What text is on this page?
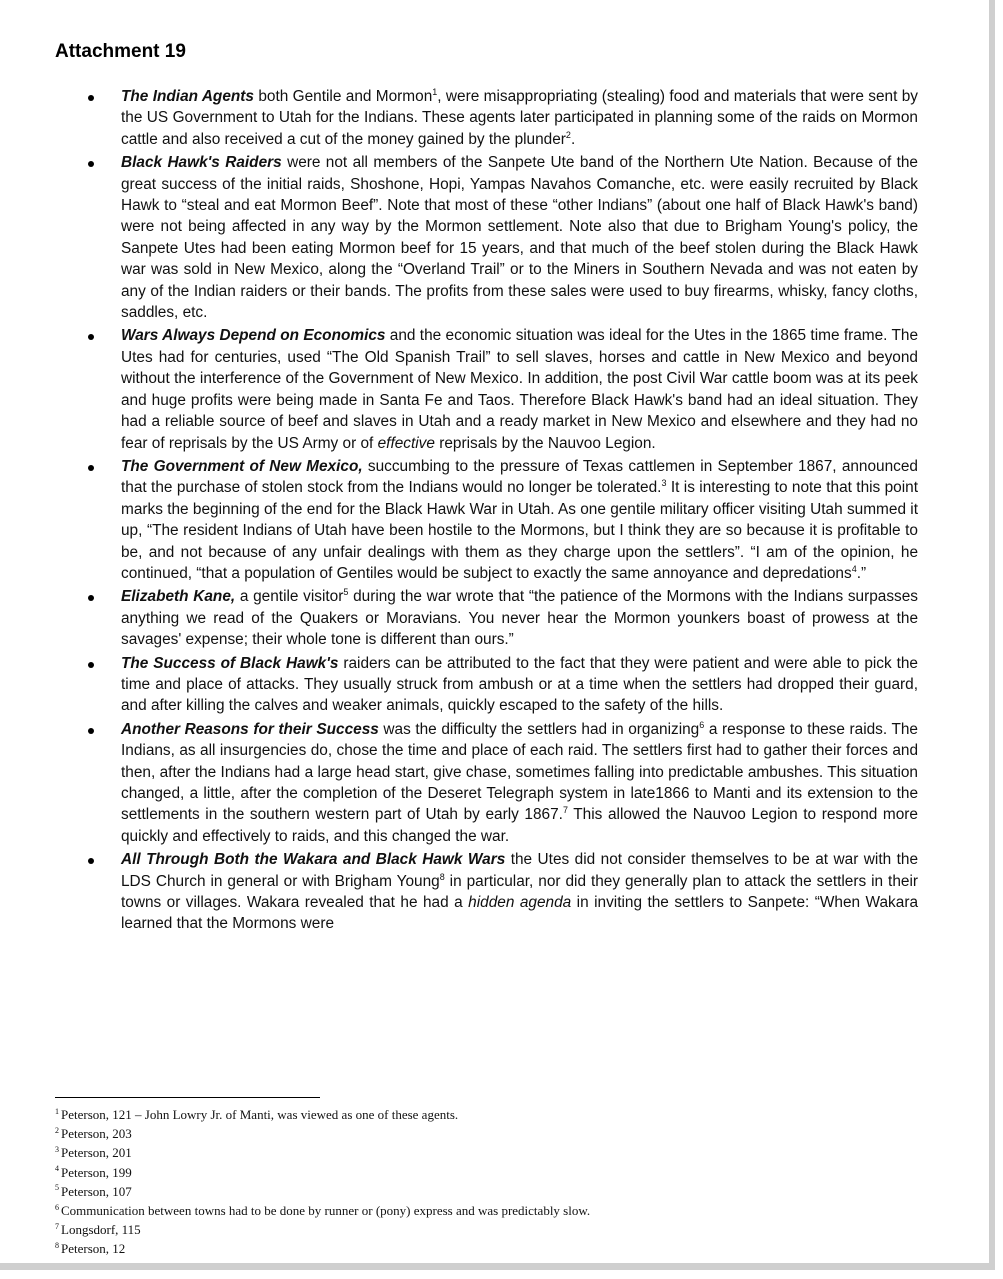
Attachment 19
The Indian Agents both Gentile and Mormon$^1$, were misappropriating (stealing) food and materials that were sent by the US Government to Utah for the Indians. These agents later participated in planning some of the raids on Mormon cattle and also received a cut of the money gained by the plunder$^2$.
Black Hawk's Raiders were not all members of the Sanpete Ute band of the Northern Ute Nation. Because of the great success of the initial raids, Shoshone, Hopi, Yampas Navahos Comanche, etc. were easily recruited by Black Hawk to “steal and eat Mormon Beef”. Note that most of these “other Indians” (about one half of Black Hawk's band) were not being affected in any way by the Mormon settlement. Note also that due to Brigham Young's policy, the Sanpete Utes had been eating Mormon beef for 15 years, and that much of the beef stolen during the Black Hawk war was sold in New Mexico, along the “Overland Trail” or to the Miners in Southern Nevada and was not eaten by any of the Indian raiders or their bands. The profits from these sales were used to buy firearms, whisky, fancy cloths, saddles, etc.
Wars Always Depend on Economics and the economic situation was ideal for the Utes in the 1865 time frame. The Utes had for centuries, used “The Old Spanish Trail” to sell slaves, horses and cattle in New Mexico and beyond without the interference of the Government of New Mexico. In addition, the post Civil War cattle boom was at its peek and huge profits were being made in Santa Fe and Taos. Therefore Black Hawk's band had an ideal situation. They had a reliable source of beef and slaves in Utah and a ready market in New Mexico and elsewhere and they had no fear of reprisals by the US Army or of effective reprisals by the Nauvoo Legion.
The Government of New Mexico, succumbing to the pressure of Texas cattlemen in September 1867, announced that the purchase of stolen stock from the Indians would no longer be tolerated.$^3$ It is interesting to note that this point marks the beginning of the end for the Black Hawk War in Utah. As one gentile military officer visiting Utah summed it up, “The resident Indians of Utah have been hostile to the Mormons, but I think they are so because it is profitable to be, and not because of any unfair dealings with them as they charge upon the settlers”. “I am of the opinion, he continued, “that a population of Gentiles would be subject to exactly the same annoyance and depredations$^4$.”
Elizabeth Kane, a gentile visitor$^5$ during the war wrote that “the patience of the Mormons with the Indians surpasses anything we read of the Quakers or Moravians. You never hear the Mormon younkers boast of prowess at the savages' expense; their whole tone is different than ours.”
The Success of Black Hawk's raiders can be attributed to the fact that they were patient and were able to pick the time and place of attacks. They usually struck from ambush or at a time when the settlers had dropped their guard, and after killing the calves and weaker animals, quickly escaped to the safety of the hills.
Another Reasons for their Success was the difficulty the settlers had in organizing$^6$ a response to these raids. The Indians, as all insurgencies do, chose the time and place of each raid. The settlers first had to gather their forces and then, after the Indians had a large head start, give chase, sometimes falling into predictable ambushes. This situation changed, a little, after the completion of the Deseret Telegraph system in late1866 to Manti and its extension to the settlements in the southern western part of Utah by early 1867.$^7$ This allowed the Nauvoo Legion to respond more quickly and effectively to raids, and this changed the war.
All Through Both the Wakara and Black Hawk Wars the Utes did not consider themselves to be at war with the LDS Church in general or with Brigham Young$^8$ in particular, nor did they generally plan to attack the settlers in their towns or villages. Wakara revealed that he had a hidden agenda in inviting the settlers to Sanpete: “When Wakara learned that the Mormons were
$^1$ Peterson, 121 – John Lowry Jr. of Manti, was viewed as one of these agents.
$^2$ Peterson, 203
$^3$ Peterson, 201
$^4$ Peterson, 199
$^5$ Peterson, 107
$^6$ Communication between towns had to be done by runner or (pony) express and was predictably slow.
$^7$ Longsdorf, 115
$^8$ Peterson, 12
